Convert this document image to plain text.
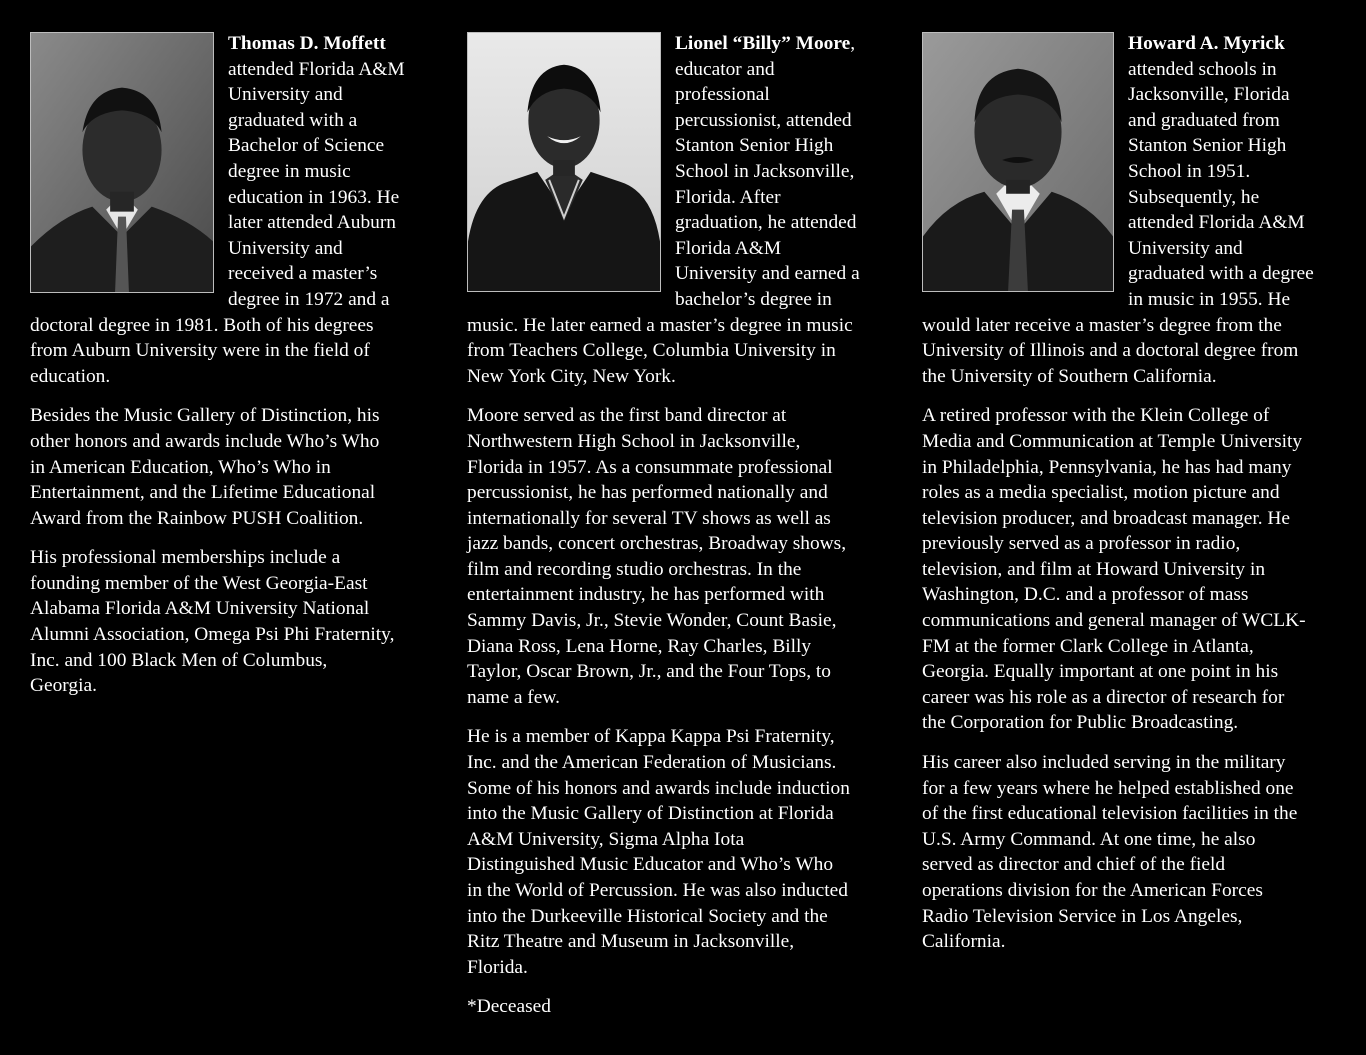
Thomas D. Moffett
attended Florida A&M
University and
graduated with a
Bachelor of Science
degree in music
education in 1963. He
later attended Auburn
University and
received a master’s
degree in 1972 and a
doctoral degree in 1981. Both of his degrees
from Auburn University were in the field of
education.

Besides the Music Gallery of Distinction, his
other honors and awards include Who’s Who
in American Education, Who’s Who in
Entertainment, and the Lifetime Educational
Award from the Rainbow PUSH Coalition.

His professional memberships include a
founding member of the West Georgia-East
Alabama Florida A&M University National
Alumni Association, Omega Psi Phi Fraternity,
Inc. and 100 Black Men of Columbus,
Georgia.

Lionel “Billy” Moore,
educator and
professional
percussionist, attended
Stanton Senior High
School in Jacksonville,
Florida. After
graduation, he attended
Florida A&M
University and earned a
bachelor’s degree in
music. He later earned a master’s degree in music
from Teachers College, Columbia University in
New York City, New York.

Moore served as the first band director at
Northwestern High School in Jacksonville,
Florida in 1957. As a consummate professional
percussionist, he has performed nationally and
internationally for several TV shows as well as
jazz bands, concert orchestras, Broadway shows,
film and recording studio orchestras. In the
entertainment industry, he has performed with
Sammy Davis, Jr., Stevie Wonder, Count Basie,
Diana Ross, Lena Horne, Ray Charles, Billy
Taylor, Oscar Brown, Jr., and the Four Tops, to
name a few.

He is a member of Kappa Kappa Psi Fraternity,
Inc. and the American Federation of Musicians.
Some of his honors and awards include induction
into the Music Gallery of Distinction at Florida
A&M University, Sigma Alpha Iota
Distinguished Music Educator and Who’s Who
in the World of Percussion. He was also inducted
into the Durkeeville Historical Society and the
Ritz Theatre and Museum in Jacksonville,
Florida.

*Deceased

Howard A. Myrick
attended schools in
Jacksonville, Florida
and graduated from
Stanton Senior High
School in 1951.
Subsequently, he
attended Florida A&M
University and
graduated with a degree
in music in 1955. He
would later receive a master’s degree from the
University of Illinois and a doctoral degree from
the University of Southern California.

A retired professor with the Klein College of
Media and Communication at Temple University
in Philadelphia, Pennsylvania, he has had many
roles as a media specialist, motion picture and
television producer, and broadcast manager. He
previously served as a professor in radio,
television, and film at Howard University in
Washington, D.C. and a professor of mass
communications and general manager of WCLK-
FM at the former Clark College in Atlanta,
Georgia. Equally important at one point in his
career was his role as a director of research for
the Corporation for Public Broadcasting.

His career also included serving in the military
for a few years where he helped established one
of the first educational television facilities in the
U.S. Army Command. At one time, he also
served as director and chief of the field
operations division for the American Forces
Radio Television Service in Los Angeles,
California.
